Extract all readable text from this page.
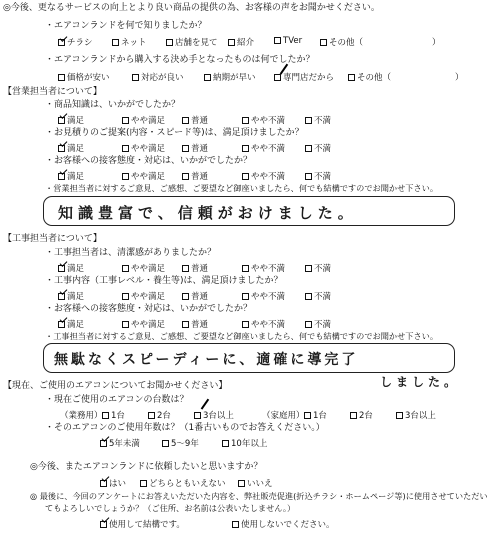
◎今後、更なるサービスの向上とより良い商品の提供の為、お客様の声をお聞かせください。
・エアコンランドを何で知りましたか？
チラシ	ネット	店舗を見て	紹介	TVer	その他（	）
・エアコンランドから購入する決め手となったものは何でしたか？
価格が安い	対応が良い	納期が早い	専門店だから	その他（	）
【営業担当者について】
・商品知識は、いかがでしたか？
満足	やや満足	普通	やや不満	不満
・お見積りのご提案(内容・スピード等)は、満足頂けましたか？
満足	やや満足	普通	やや不満	不満
・お客様への接客態度・対応は、いかがでしたか？
満足	やや満足	普通	やや不満	不満
・営業担当者に対するご意見、ご感想、ご要望など御座いましたら、何でも結構ですのでお聞かせ下さい。
知識豊富で、信頼がおけました。
【工事担当者について】
・工事担当者は、清潔感がありましたか？
満足	やや満足	普通	やや不満	不満
・工事内容（工事レベル・養生等)は、満足頂けましたか？
満足	やや満足	普通	やや不満	不満
・お客様への接客態度・対応は、いかがでしたか？
満足	やや満足	普通	やや不満	不満
・工事担当者に対するご意見、ご感想、ご要望など御座いましたら、何でも結構ですのでお聞かせ下さい。
無駄なくスピーディーに、適確に導完了
しました。
【現在、ご使用のエアコンについてお聞かせください】
・現在ご使用のエアコンの台数は？
（業務用） 1台	2台	3台以上	（家庭用） 1台	2台	3台以上
・そのエアコンのご使用年数は？（1番古いものでお答えください。）
5年未満	5〜9年	10年以上
◎今後、またエアコンランドに依頼したいと思いますか？
はい	どちらともいえない	いいえ
◎ 最後に、今回のアンケートにお答えいただいた内容を、弊社販売促進(折込チラシ・ホームページ等)に使用させていただい
てもよろしいでしょうか？（ご住所、お名前は公表いたしません。）
使用して結構です。	使用しないでください。
